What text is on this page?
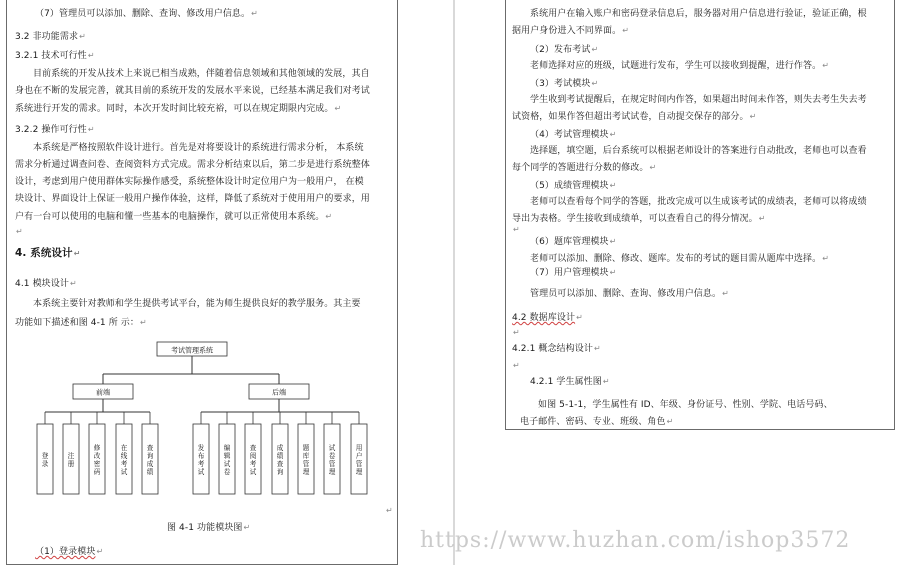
（7）管理员可以添加、删除、查询、修改用户信息。↵
3.2 非功能需求↵
3.2.1 技术可行性↵
目前系统的开发从技术上来说已相当成熟，伴随着信息领域和其他领域的发展，其自
身也在不断的发展完善，就其目前的系统开发的发展水平来说，已经基本满足我们对考试
系统进行开发的需求。同时，本次开发时间比较充裕，可以在规定期限内完成。↵
3.2.2 操作可行性↵
本系统是严格按照软件设计进行。首先是对将要设计的系统进行需求分析， 本系统
需求分析通过调查问卷、查阅资料方式完成。需求分析结束以后，第二步是进行系统整体
设计，考虑到用户使用群体实际操作感受，系统整体设计时定位用户为一般用户， 在模
块设计、界面设计上保证一般用户操作体验，这样，降低了系统对于使用用户的要求，用
户有一台可以使用的电脑和懂一些基本的电脑操作，就可以正常使用本系统。↵
↵
4. 系统设计↵
4.1 模块设计↵
本系统主要针对教师和学生提供考试平台，能为师生提供良好的教学服务。其主要
功能如下描述和图 4-1 所 示：↵
考试管理系统
前端
登
录
注
册
修
改
密
码
在
线
考
试
查
询
成
绩
后端
发
布
考
试
编
辑
试
卷
查
阅
考
试
成
绩
查
询
题
库
管
理
试
卷
管
理
用
户
管
理
↵
图 4-1 功能模块图↵
（1）登录模块↵
系统用户在输入账户和密码登录信息后，服务器对用户信息进行验证，验证正确，根
据用户身份进入不同界面。↵
（2）发布考试↵
老师选择对应的班级，试题进行发布，学生可以接收到提醒，进行作答。↵
（3）考试模块↵
学生收到考试提醒后，在规定时间内作答，如果超出时间未作答，则失去考生失去考
试资格，如果作答但超出考试试卷，自动提交保存的部分。↵
（4）考试管理模块↵
选择题，填空题，后台系统可以根据老师设计的答案进行自动批改，老师也可以查看
每个同学的答题进行分数的修改。↵
（5）成绩管理模块↵
老师可以查看每个同学的答题，批改完成可以生成该考试的成绩表，老师可以将成绩
导出为表格。学生接收到成绩单，可以查看自己的得分情况。↵
↵
（6）题库管理模块↵
老师可以添加、删除、修改、题库。发布的考试的题目需从题库中选择。↵
（7）用户管理模块↵
管理员可以添加、删除、查询、修改用户信息。↵
4.2 数据库设计↵
↵
4.2.1 概念结构设计↵
↵
4.2.1 学生属性图↵
如图 5-1-1，学生属性有 ID、年级、身份证号、性别、学院、电话号码、
电子邮件、密码、专业、班级、角色↵
https://www.huzhan.com/ishop3572
